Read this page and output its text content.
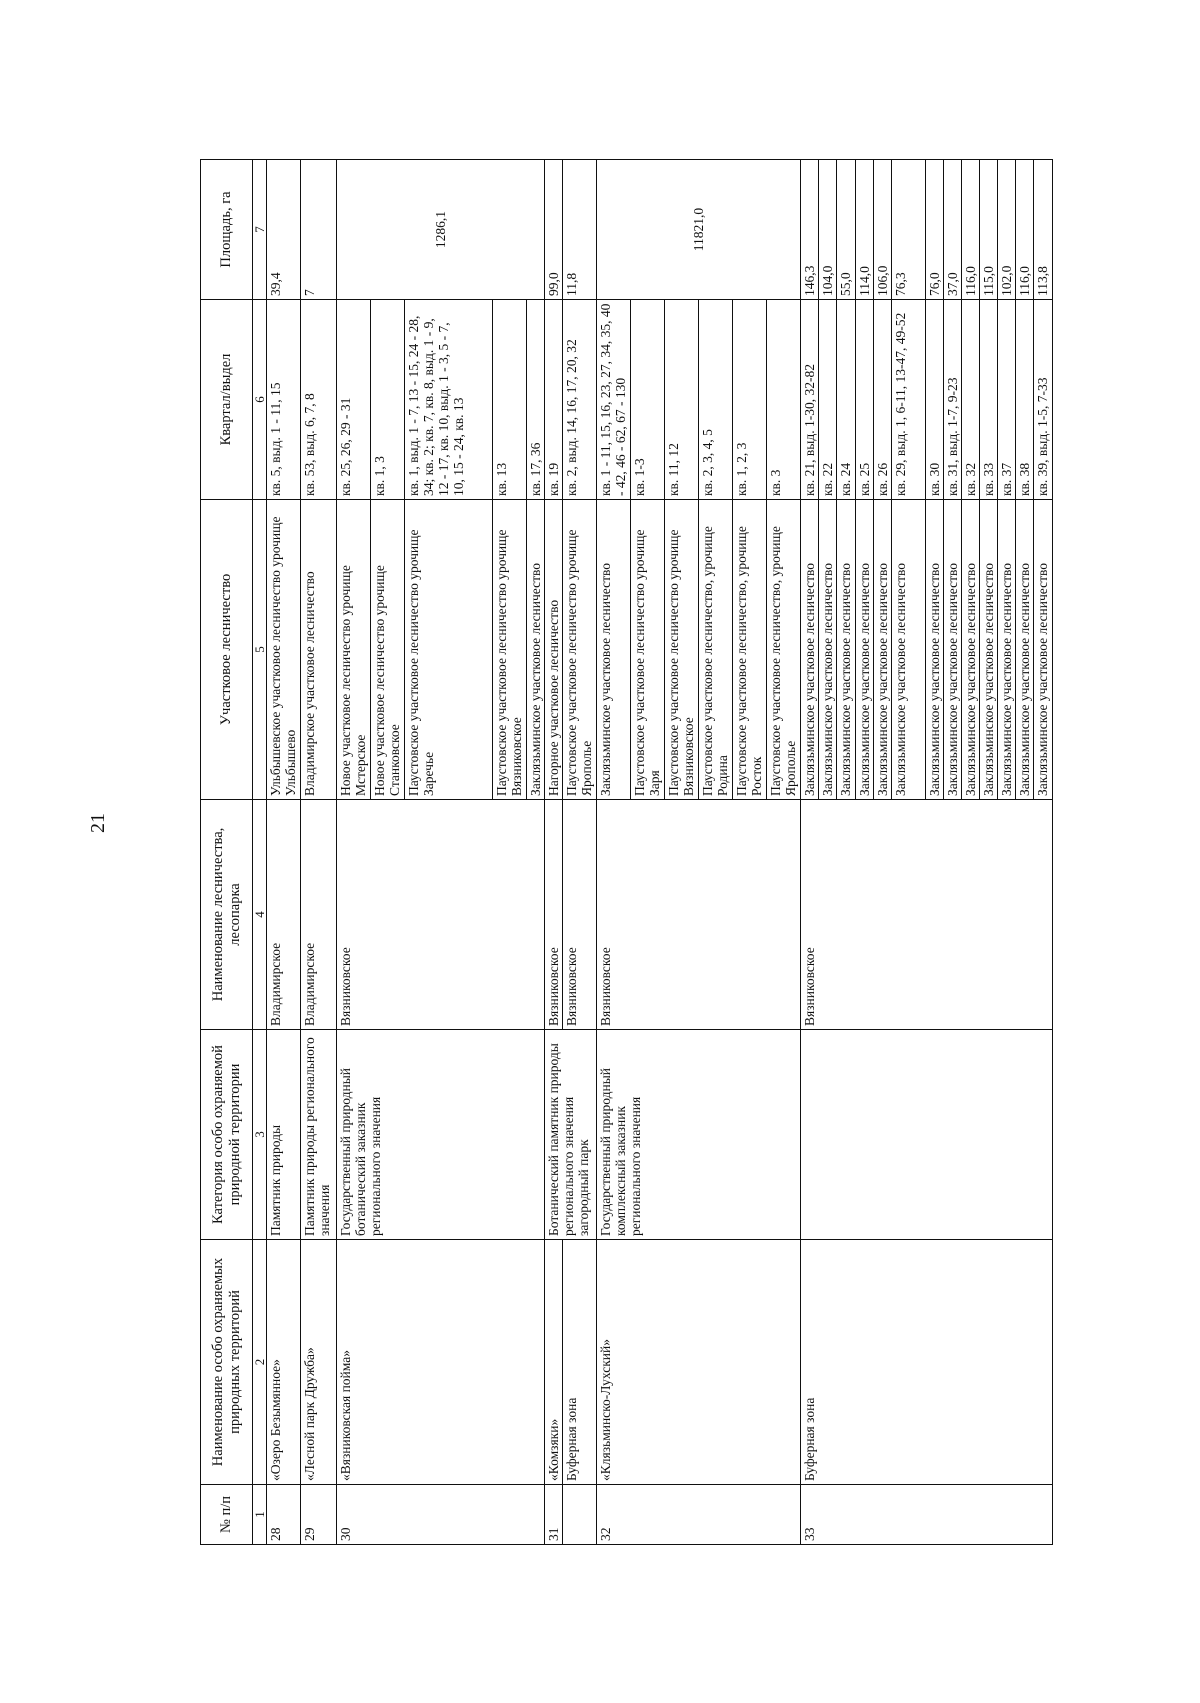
21
№ п/п	Наименование особо охраняемых природных территорий	Категория особо охраняемой природной территории	Наименование лесничества, лесопарка	Участковое лесничество	Квартал/выдел	Площадь, га
1	2	3	4	5	6	7
28	«Озеро Безымянное»	Памятник природы	Владимирское	Ульбышевское участковое лесничество урочище Ульбышево	кв. 5, выд. 1 - 11, 15	39,4
29	«Лесной парк Дружба»	Памятник природы регионального значения	Владимирское	Владимирское участковое лесничество	кв. 53, выд. 6, 7, 8	7
30	«Вязниковская пойма»	Государственный природный ботанический заказник регионального значения	Вязниковское	Новое участковое лесничество урочище Мстерское	кв. 25, 26, 29 - 31	1286,1
				Новое участковое лесничество урочище Станковское	кв. 1, 3	
				Паустовское участковое лесничество урочище Заречье	кв. 1, выд. 1 - 7, 13 - 15, 24 - 28, 34; кв. 2; кв. 7, кв. 8, выд. 1 - 9, 12 - 17, кв. 10, выд. 1 - 3, 5 - 7, 10, 15 - 24, кв. 13	
				Паустовское участковое лесничество урочище Вязниковское	кв. 13	
				Заклязьминское участковое лесничество	кв. 17, 36	
31	«Комзяки»	Ботанический памятник природы регионального значения загородный парк	Вязниковское	Нагорное участковое лесничество	кв. 19	99,0
	Буферная зона		Вязниковское	Паустовское участковое лесничество урочище Ярополье	кв. 2, выд. 14, 16, 17, 20, 32	11,8
32	«Клязьминско-Лухский»	Государственный природный комплексный заказник регионального значения	Вязниковское	Заклязьминское участковое лесничество	кв. 1 - 11, 15, 16, 23, 27, 34, 35, 40 - 42, 46 - 62, 67 - 130	11821,0
				Паустовское участковое лесничество урочище Заря	кв. 1-3	
				Паустовское участковое лесничество урочище Вязниковское	кв. 11, 12	
				Паустовское участковое лесничество, урочище Родина	кв. 2, 3, 4, 5	
				Паустовское участковое лесничество, урочище Росток	кв. 1, 2, 3	
				Паустовское участковое лесничество, урочище Ярополье	кв. 3	
33	Буферная зона		Вязниковское	Заклязьминское участковое лесничество	кв. 21, выд. 1-30, 32-82	146,3
				Заклязьминское участковое лесничество	кв. 22	104,0
				Заклязьминское участковое лесничество	кв. 24	55,0
				Заклязьминское участковое лесничество	кв. 25	114,0
				Заклязьминское участковое лесничество	кв. 26	106,0
				Заклязьминское участковое лесничество	кв. 29, выд. 1, 6-11, 13-47, 49-52	76,3
				Заклязьминское участковое лесничество	кв. 30	76,0
				Заклязьминское участковое лесничество	кв. 31, выд. 1-7, 9-23	37,0
				Заклязьминское участковое лесничество	кв. 32	116,0
				Заклязьминское участковое лесничество	кв. 33	115,0
				Заклязьминское участковое лесничество	кв. 37	102,0
				Заклязьминское участковое лесничество	кв. 38	116,0
				Заклязьминское участковое лесничество	кв. 39, выд. 1-5, 7-33	113,8
